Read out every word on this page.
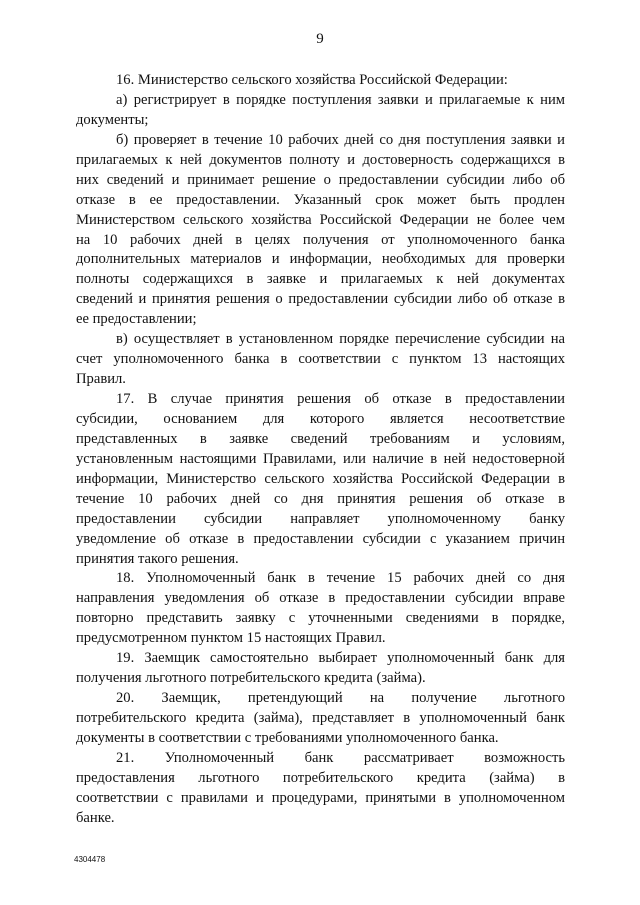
9
16. Министерство сельского хозяйства Российской Федерации:
а) регистрирует в порядке поступления заявки и прилагаемые к ним
документы;
б) проверяет в течение 10 рабочих дней со дня поступления заявки и
прилагаемых к ней документов полноту и достоверность содержащихся в
них сведений и принимает решение о предоставлении субсидии либо об
отказе в ее предоставлении. Указанный срок может быть продлен
Министерством сельского хозяйства Российской Федерации не более чем
на 10 рабочих дней в целях получения от уполномоченного банка
дополнительных материалов и информации, необходимых для проверки
полноты содержащихся в заявке и прилагаемых к ней документах
сведений и принятия решения о предоставлении субсидии либо об отказе в
ее предоставлении;
в) осуществляет в установленном порядке перечисление субсидии на
счет уполномоченного банка в соответствии с пунктом 13 настоящих
Правил.
17. В случае принятия решения об отказе в предоставлении
субсидии, основанием для которого является несоответствие
представленных в заявке сведений требованиям и условиям,
установленным настоящими Правилами, или наличие в ней недостоверной
информации, Министерство сельского хозяйства Российской Федерации в
течение 10 рабочих дней со дня принятия решения об отказе в
предоставлении субсидии направляет уполномоченному банку
уведомление об отказе в предоставлении субсидии с указанием причин
принятия такого решения.
18. Уполномоченный банк в течение 15 рабочих дней со дня
направления уведомления об отказе в предоставлении субсидии вправе
повторно представить заявку с уточненными сведениями в порядке,
предусмотренном пунктом 15 настоящих Правил.
19. Заемщик самостоятельно выбирает уполномоченный банк для
получения льготного потребительского кредита (займа).
20. Заемщик, претендующий на получение льготного
потребительского кредита (займа), представляет в уполномоченный банк
документы в соответствии с требованиями уполномоченного банка.
21. Уполномоченный банк рассматривает возможность
предоставления льготного потребительского кредита (займа) в
соответствии с правилами и процедурами, принятыми в уполномоченном
банке.
4304478
